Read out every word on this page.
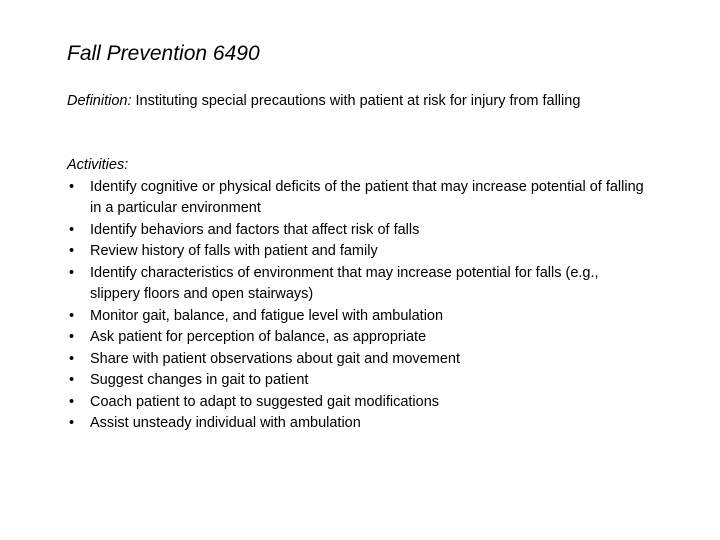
Fall Prevention 6490
Definition: Instituting special precautions with patient at risk for injury from falling
Activities:
• Identify cognitive or physical deficits of the patient that may increase potential of falling in a particular environment
• Identify behaviors and factors that affect risk of falls
• Review history of falls with patient and family
• Identify characteristics of environment that may increase potential for falls (e.g., slippery floors and open stairways)
• Monitor gait, balance, and fatigue level with ambulation
• Ask patient for perception of balance, as appropriate
• Share with patient observations about gait and movement
• Suggest changes in gait to patient
• Coach patient to adapt to suggested gait modifications
• Assist unsteady individual with ambulation
